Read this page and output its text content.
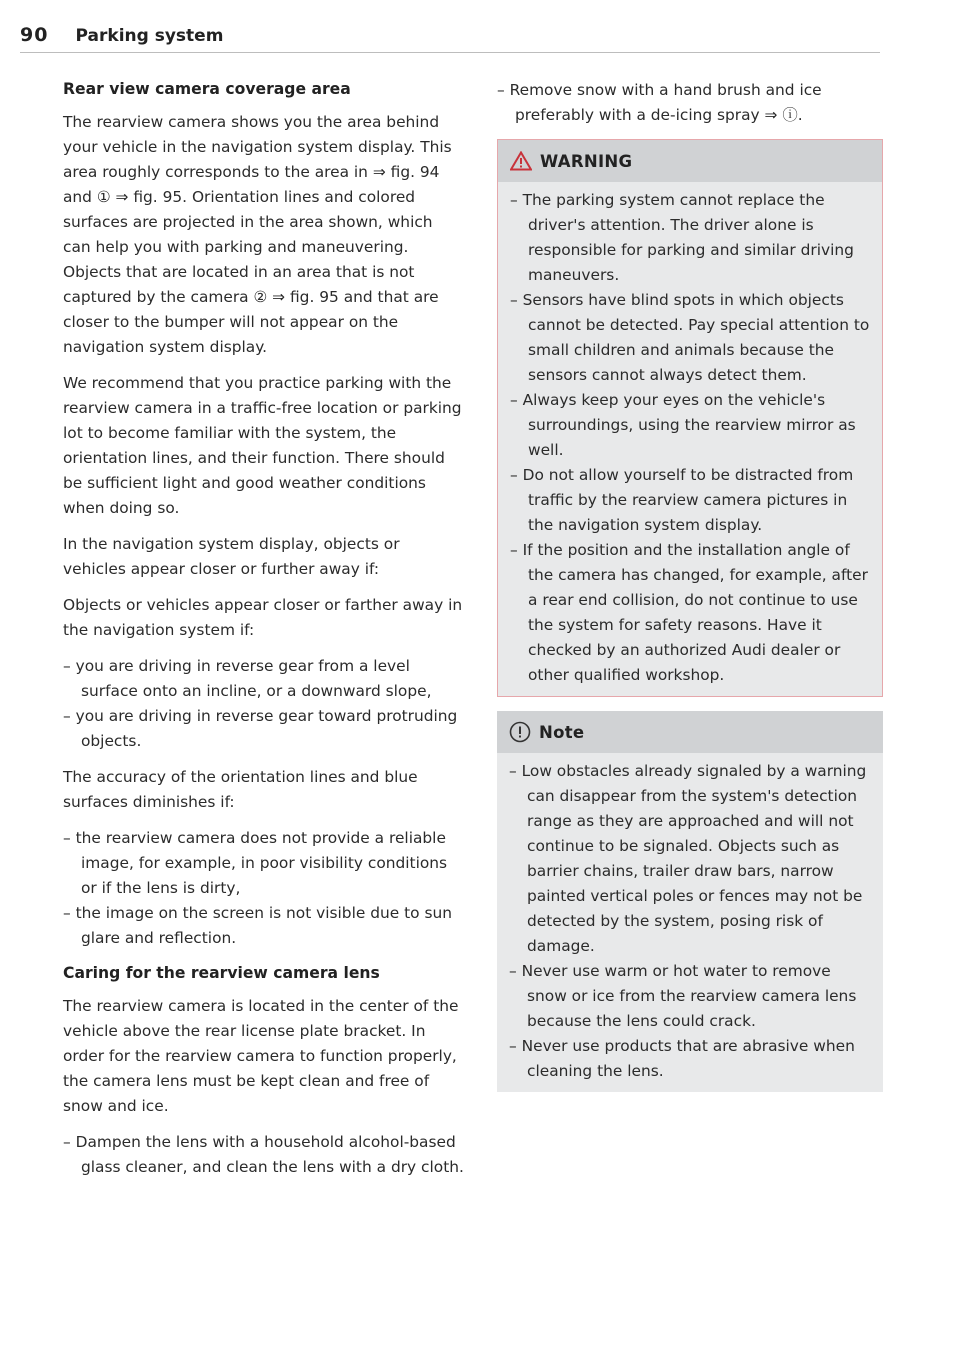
90 Parking system
Rear view camera coverage area

The rearview camera shows you the area behind your vehicle in the navigation system display. This area roughly corresponds to the area in ⇒ fig. 94 and ① ⇒ fig. 95. Orientation lines and colored surfaces are projected in the area shown, which can help you with parking and maneuvering. Objects that are located in an area that is not captured by the camera ② ⇒ fig. 95 and that are closer to the bumper will not appear on the navigation system display.

We recommend that you practice parking with the rearview camera in a traffic-free location or parking lot to become familiar with the system, the orientation lines, and their function. There should be sufficient light and good weather conditions when doing so.

In the navigation system display, objects or vehicles appear closer or further away if:

Objects or vehicles appear closer or farther away in the navigation system if:

– you are driving in reverse gear from a level surface onto an incline, or a downward slope,
– you are driving in reverse gear toward protruding objects.

The accuracy of the orientation lines and blue surfaces diminishes if:

– the rearview camera does not provide a reliable image, for example, in poor visibility conditions or if the lens is dirty,
– the image on the screen is not visible due to sun glare and reflection.
Caring for the rearview camera lens

The rearview camera is located in the center of the vehicle above the rear license plate bracket. In order for the rearview camera to function properly, the camera lens must be kept clean and free of snow and ice.

– Dampen the lens with a household alcohol-based glass cleaner, and clean the lens with a dry cloth.
– Remove snow with a hand brush and ice preferably with a de-icing spray ⇒ ⓘ.
WARNING
– The parking system cannot replace the driver's attention. The driver alone is responsible for parking and similar driving maneuvers.
– Sensors have blind spots in which objects cannot be detected. Pay special attention to small children and animals because the sensors cannot always detect them.
– Always keep your eyes on the vehicle's surroundings, using the rearview mirror as well.
– Do not allow yourself to be distracted from traffic by the rearview camera pictures in the navigation system display.
– If the position and the installation angle of the camera has changed, for example, after a rear end collision, do not continue to use the system for safety reasons. Have it checked by an authorized Audi dealer or other qualified workshop.
Note
– Low obstacles already signaled by a warning can disappear from the system's detection range as they are approached and will not continue to be signaled. Objects such as barrier chains, trailer draw bars, narrow painted vertical poles or fences may not be detected by the system, posing risk of damage.
– Never use warm or hot water to remove snow or ice from the rearview camera lens because the lens could crack.
– Never use products that are abrasive when cleaning the lens.
